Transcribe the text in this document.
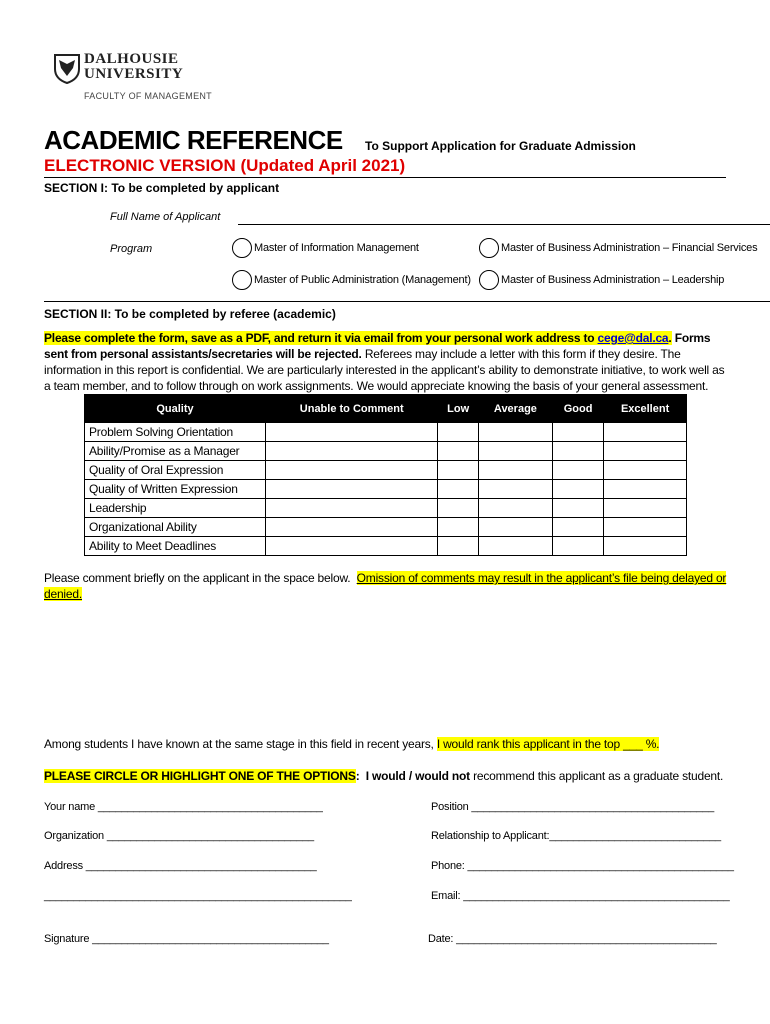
DALHOUSIE
UNIVERSITY
FACULTY OF MANAGEMENT
ACADEMIC REFERENCE To Support Application for Graduate Admission
ELECTRONIC VERSION (Updated April 2021)
SECTION I: To be completed by applicant
Full Name of Applicant
Program	Master of Information Management	Master of Business Administration – Financial Services
Master of Public Administration (Management)	Master of Business Administration – Leadership
SECTION II: To be completed by referee (academic)
Please complete the form, save as a PDF, and return it via email from your personal work address to cege@dal.ca. Forms sent from personal assistants/secretaries will be rejected. Referees may include a letter with this form if they desire. The information in this report is confidential. We are particularly interested in the applicant’s ability to demonstrate initiative, to work well as a team member, and to follow through on work assignments. We would appreciate knowing the basis of your general assessment.
Quality	Unable to Comment	Low	Average	Good	Excellent
Problem Solving Orientation					
Ability/Promise as a Manager					
Quality of Oral Expression					
Quality of Written Expression					
Leadership					
Organizational Ability					
Ability to Meet Deadlines					
Please comment briefly on the applicant in the space below.  Omission of comments may result in the applicant’s file being delayed or denied.
Among students I have known at the same stage in this field in recent years, I would rank this applicant in the top ___ %.
PLEASE CIRCLE OR HIGHLIGHT ONE OF THE OPTIONS:  I would / would not recommend this applicant as a graduate student.
Your name ______________________________________	Position _________________________________________
Organization ___________________________________	Relationship to Applicant:_____________________________
Address _______________________________________	Phone: _____________________________________________
____________________________________________________	Email: _____________________________________________
Signature ________________________________________	Date: ____________________________________________
